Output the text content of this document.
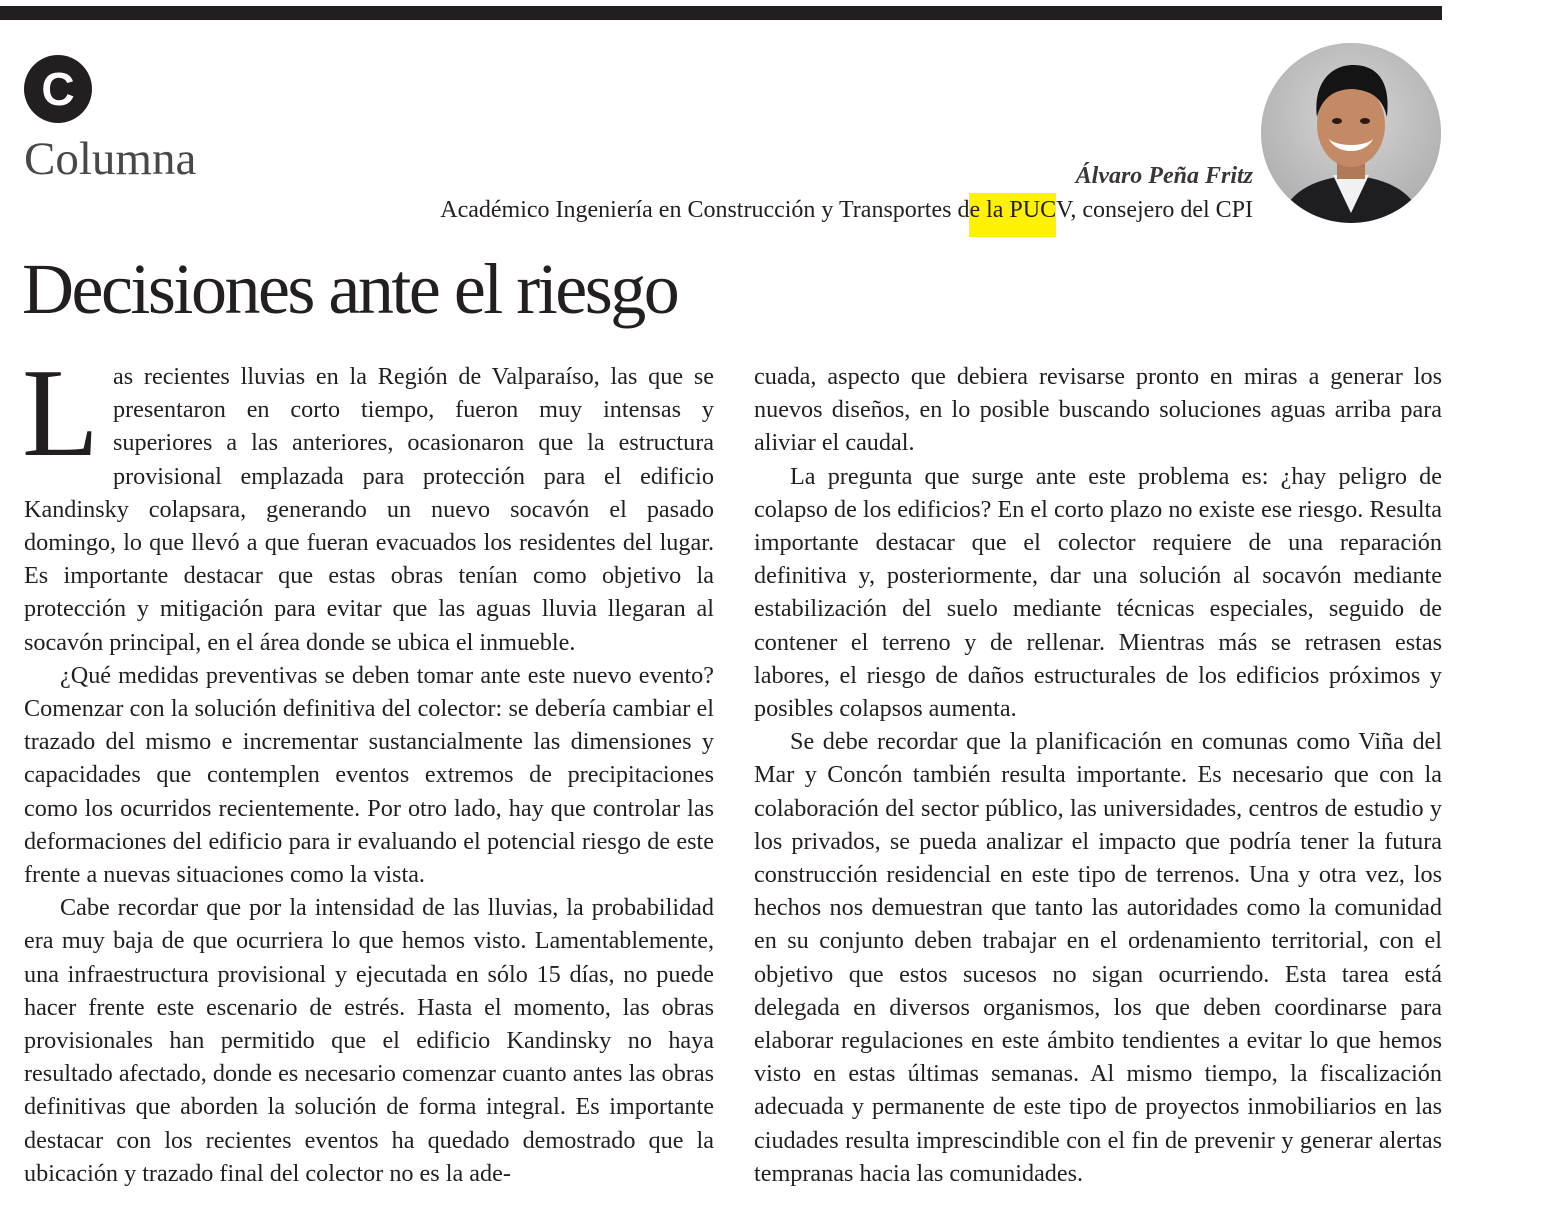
C
Columna	Álvaro Peña Fritz
Académico Ingeniería en Construcción y Transportes de la PUCV, consejero del CPI
Decisiones ante el riesgo

Las recientes lluvias en la Región de Valparaíso, las que se presentaron en corto tiempo, fueron muy intensas y superiores a las anteriores, ocasionaron que la estructura provisional emplazada para protección para el edificio Kandinsky colapsara, generando un nuevo socavón el pasado domingo, lo que llevó a que fueran evacuados los residentes del lugar. Es importante destacar que estas obras tenían como objetivo la protección y mitigación para evitar que las aguas lluvia llegaran al socavón principal, en el área donde se ubica el inmueble.

¿Qué medidas preventivas se deben tomar ante este nuevo evento? Comenzar con la solución definitiva del colector: se debería cambiar el trazado del mismo e incrementar sustancialmente las dimensiones y capacidades que contemplen eventos extremos de precipitaciones como los ocurridos recientemente. Por otro lado, hay que controlar las deformaciones del edificio para ir evaluando el potencial riesgo de este frente a nuevas situaciones como la vista.

Cabe recordar que por la intensidad de las lluvias, la probabilidad era muy baja de que ocurriera lo que hemos visto. Lamentablemente, una infraestructura provisional y ejecutada en sólo 15 días, no puede hacer frente este escenario de estrés. Hasta el momento, las obras provisionales han permitido que el edificio Kandinsky no haya resultado afectado, donde es necesario comenzar cuanto antes las obras definitivas que aborden la solución de forma integral. Es importante destacar con los recientes eventos ha quedado demostrado que la ubicación y trazado final del colector no es la ade-

cuada, aspecto que debiera revisarse pronto en miras a generar los nuevos diseños, en lo posible buscando soluciones aguas arriba para aliviar el caudal.

La pregunta que surge ante este problema es: ¿hay peligro de colapso de los edificios? En el corto plazo no existe ese riesgo. Resulta importante destacar que el colector requiere de una reparación definitiva y, posteriormente, dar una solución al socavón mediante estabilización del suelo mediante técnicas especiales, seguido de contener el terreno y de rellenar. Mientras más se retrasen estas labores, el riesgo de daños estructurales de los edificios próximos y posibles colapsos aumenta.

Se debe recordar que la planificación en comunas como Viña del Mar y Concón también resulta importante. Es necesario que con la colaboración del sector público, las universidades, centros de estudio y los privados, se pueda analizar el impacto que podría tener la futura construcción residencial en este tipo de terrenos. Una y otra vez, los hechos nos demuestran que tanto las autoridades como la comunidad en su conjunto deben trabajar en el ordenamiento territorial, con el objetivo que estos sucesos no sigan ocurriendo. Esta tarea está delegada en diversos organismos, los que deben coordinarse para elaborar regulaciones en este ámbito tendientes a evitar lo que hemos visto en estas últimas semanas. Al mismo tiempo, la fiscalización adecuada y permanente de este tipo de proyectos inmobiliarios en las ciudades resulta imprescindible con el fin de prevenir y generar alertas tempranas hacia las comunidades.
